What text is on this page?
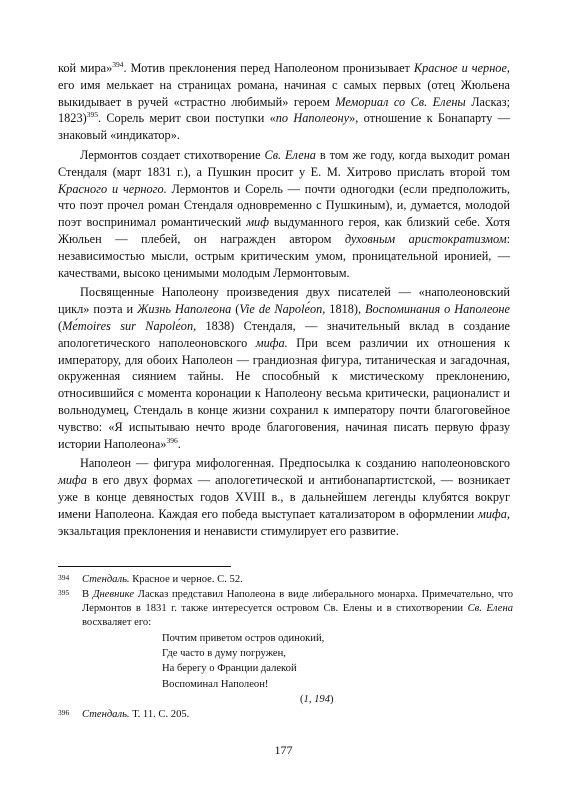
кой мира»$^{394}$. Мотив преклонения перед Наполеоном пронизывает Красное и черное, его имя мелькает на страницах романа, начиная с самых первых (отец Жюльена выкидывает в ручей «страстно любимый» героем Мемориал со Св. Елены Ласказ; 1823)$^{395}$. Сорель мерит свои поступки «по Наполеону», отношение к Бонапарту — знаковый «индикатор».

Лермонтов создает стихотворение Св. Елена в том же году, когда выходит роман Стендаля (март 1831 г.), а Пушкин просит у Е. М. Хитрово прислать второй том Красного и черного. Лермонтов и Сорель — почти одногодки (если предположить, что поэт прочел роман Стендаля одновременно с Пушкиным), и, думается, молодой поэт воспринимал романтический миф выдуманного героя, как близкий себе. Хотя Жюльен — плебей, он награжден автором духовным аристократизмом: независимостью мысли, острым критическим умом, проницательной иронией, — качествами, высоко ценимыми молодым Лермонтовым.

Посвященные Наполеону произведения двух писателей — «наполеоновский цикл» поэта и Жизнь Наполеона (Vie de Napolе́on, 1818), Воспоминания о Наполеоне (Mе́moires sur Napolе́on, 1838) Стендаля, — значительный вклад в создание апологетического наполеоновского мифа. При всем различии их отношения к императору, для обоих Наполеон — грандиозная фигура, титаническая и загадочная, окруженная сиянием тайны. Не способный к мистическому преклонению, относившийся с момента коронации к Наполеону весьма критически, рационалист и вольнодумец, Стендаль в конце жизни сохранил к императору почти благоговейное чувство: «Я испытываю нечто вроде благоговения, начиная писать первую фразу истории Наполеона»$^{396}$.

Наполеон — фигура мифологенная. Предпосылка к созданию наполеоновского мифа в его двух формах — апологетической и антибонапартистской, — возникает уже в конце девяностых годов XVIII в., в дальнейшем легенды клубятся вокруг имени Наполеона. Каждая его победа выступает катализатором в оформлении мифа, экзальтация преклонения и ненависти стимулирует его развитие.

394 Стендаль. Красное и черное. С. 52.
395 В Дневнике Ласказ представил Наполеона в виде либерального монарха. Примечательно, что Лермонтов в 1831 г. также интересуется островом Св. Елены и в стихотворении Св. Елена восхваляет его:
Почтим приветом остров одинокий,
Где часто в думу погружен,
На берегу о Франции далекой
Воспоминал Наполеон!
(1, 194)
396 Стендаль. Т. 11. С. 205.
177
